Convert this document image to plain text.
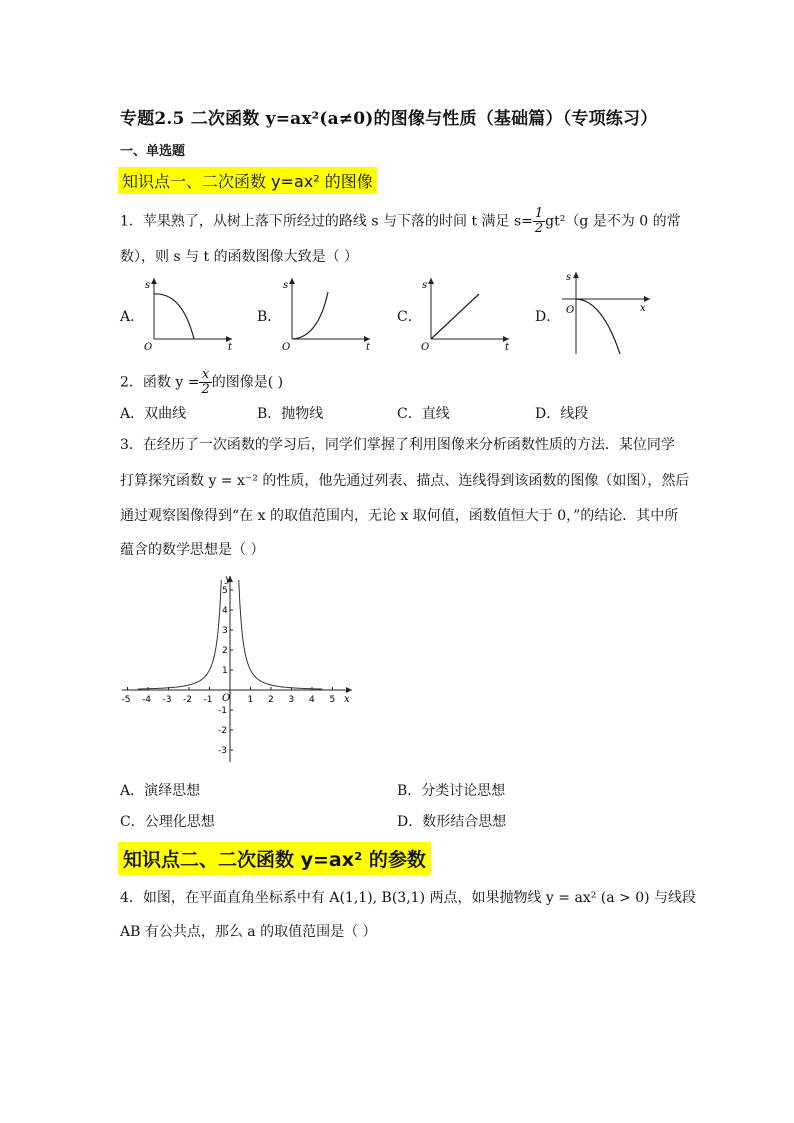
专题2.5 二次函数 y=ax²(a≠0)的图像与性质（基础篇）（专项练习）
一、单选题
知识点一、二次函数 y=ax² 的图像
1．苹果熟了，从树上落下所经过的路线 s 与下落的时间 t 满足 $s= \frac{1}{2} gt^2(g$ 是不为 0 的常
数），则 s 与 t 的函数图像大致是（ ）
A．	B．	C．	D．
s
t
O
s
t
O
s
t
O
s
x
O
2．函数 $y = \frac{x}{2}$ 的图像是( )
A．双曲线	B．抛物线	C．直线	D．线段
3．在经历了一次函数的学习后，同学们掌握了利用图像来分析函数性质的方法．某位同学
打算探究函数 y = x⁻² 的性质，他先通过列表、描点、连线得到该函数的图像（如图），然后
通过观察图像得到“在 x 的取值范围内，无论 x 取何值，函数值恒大于 0，”的结论．其中所
蕴含的数学思想是（ ）
-5 -4 -3 -2 -1	1 2 3 4 5
1
2
3
4
5
-1
-2
-3
x
y
O
A．演绎思想	B．分类讨论思想
C．公理化思想	D．数形结合思想
知识点二、二次函数 y=ax² 的参数
4．如图，在平面直角坐标系中有 A(1,1), B(3,1) 两点，如果抛物线 y = ax² (a > 0) 与线段
AB 有公共点，那么 a 的取值范围是（ ）
